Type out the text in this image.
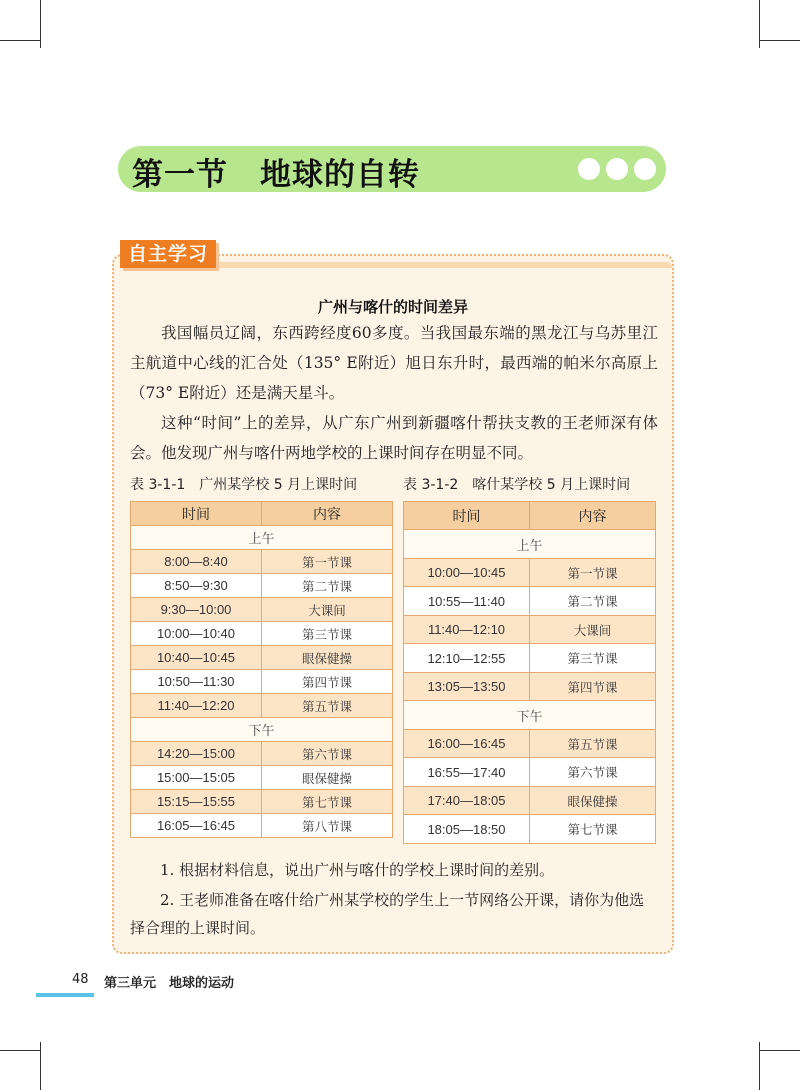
第一节　地球的自转
自主学习
广州与喀什的时间差异

我国幅员辽阔，东西跨经度60多度。当我国最东端的黑龙江与乌苏里江主航道中心线的汇合处（135° E附近）旭日东升时，最西端的帕米尔高原上（73° E附近）还是满天星斗。

这种“时间”上的差异，从广东广州到新疆喀什帮扶支教的王老师深有体会。他发现广州与喀什两地学校的上课时间存在明显不同。

表 3-1-1　广州某学校 5 月上课时间	表 3-1-2　喀什某学校 5 月上课时间
时间	内容
上午	
8:00—8:40	第一节课
8:50—9:30	第二节课
9:30—10:00	大课间
10:00—10:40	第三节课
10:40—10:45	眼保健操
10:50—11:30	第四节课
11:40—12:20	第五节课
下午	
14:20—15:00	第六节课
15:00—15:05	眼保健操
15:15—15:55	第七节课
16:05—16:45	第八节课
时间	内容
上午	
10:00—10:45	第一节课
10:55—11:40	第二节课
11:40—12:10	大课间
12:10—12:55	第三节课
13:05—13:50	第四节课
下午	
16:00—16:45	第五节课
16:55—17:40	第六节课
17:40—18:05	眼保健操
18:05—18:50	第七节课

1. 根据材料信息，说出广州与喀什的学校上课时间的差别。

2. 王老师准备在喀什给广州某学校的学生上一节网络公开课，请你为他选择合理的上课时间。

48 第三单元　地球的运动
